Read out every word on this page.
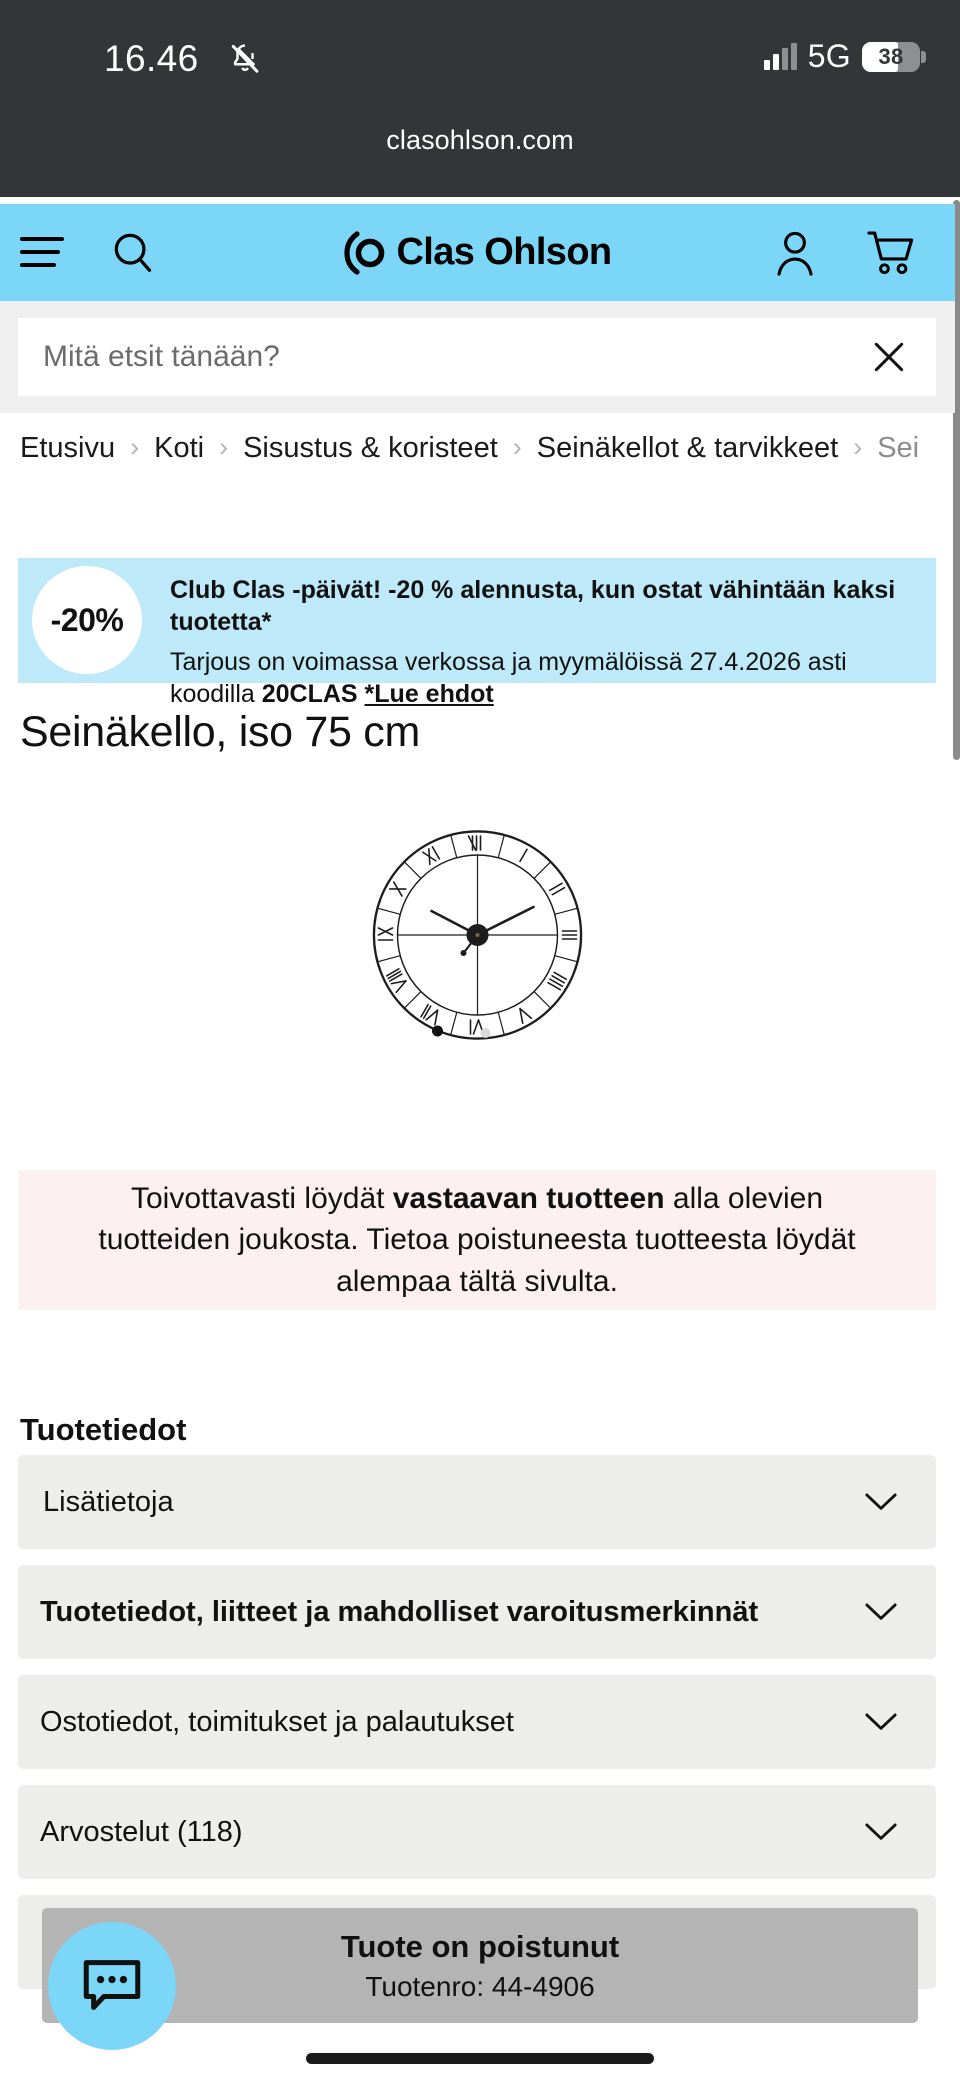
16.46	5G	38
clasohlson.com
Clas Ohlson
Mitä etsit tänään?
Etusivu › Koti › Sisustus & koristeet › Seinäkellot & tarvikkeet › Sei
-20%
Club Clas -päivät! -20 % alennusta, kun ostat vähintään kaksi tuotetta*
Tarjous on voimassa verkossa ja myymälöissä 27.4.2026 asti koodilla 20CLAS *Lue ehdot
Seinäkello, iso 75 cm

Toivottavasti löydät vastaavan tuotteen alla olevien tuotteiden joukosta. Tietoa poistuneesta tuotteesta löydät alempaa tältä sivulta.

Tuotetiedot
Lisätietoja
Tuotetiedot, liitteet ja mahdolliset varoitusmerkinnät
Ostotiedot, toimitukset ja palautukset
Arvostelut (118)
Tuote on poistunut
Tuotenro: 44-4906
